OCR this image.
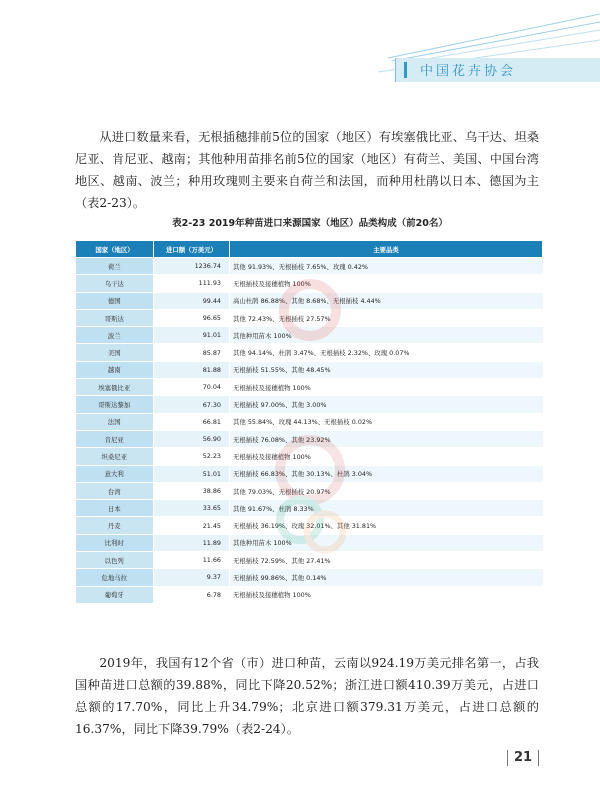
中国花卉协会

从进口数量来看，无根插穗排前5位的国家（地区）有埃塞俄比亚、乌干达、坦桑尼亚、肯尼亚、越南；其他种用苗排名前5位的国家（地区）有荷兰、美国、中国台湾地区、越南、波兰；种用玫瑰则主要来自荷兰和法国，而种用杜鹃以日本、德国为主（表2-23）。

表2-23 2019年种苗进口来源国家（地区）品类构成（前20名）
国家（地区）	进口额（万美元）	主要品类
荷兰	1236.74	其他 91.93%、无根插枝 7.65%、玫瑰 0.42%
乌干达	111.93	无根插枝及接穗植物 100%
德国	99.44	高山杜鹃 86.88%、其他 8.68%、无根插枝 4.44%
哥斯达	96.65	其他 72.43%、无根插枝 27.57%
波兰	91.01	其他种用苗木 100%
美国	85.87	其他 94.14%、杜鹃 3.47%、无根插枝 2.32%、玫瑰 0.07%
越南	81.88	无根插枝 51.55%、其他 48.45%
埃塞俄比亚	70.04	无根插枝及接穗植物 100%
哥斯达黎加	67.30	无根插枝 97.00%、其他 3.00%
法国	66.81	其他 55.84%、玫瑰 44.13%、无根插枝 0.02%
肯尼亚	56.90	无根插枝 76.08%、其他 23.92%
坦桑尼亚	52.23	无根插枝及接穗植物 100%
意大利	51.01	无根插枝 66.83%、其他 30.13%、杜鹃 3.04%
台湾	38.86	其他 79.03%、无根插枝 20.97%
日本	33.65	其他 91.67%、杜鹃 8.33%
丹麦	21.45	无根插枝 36.19%、玫瑰 32.01%、其他 31.81%
比利时	11.89	其他种用苗木 100%
以色列	11.66	无根插枝 72.59%、其他 27.41%
危地马拉	9.37	无根插枝 99.86%、其他 0.14%
葡萄牙	6.78	无根插枝及接穗植物 100%

2019年，我国有12个省（市）进口种苗，云南以924.19万美元排名第一，占我国种苗进口总额的39.88%，同比下降20.52%；浙江进口额410.39万美元，占进口总额的17.70%，同比上升34.79%；北京进口额379.31万美元，占进口总额的16.37%，同比下降39.79%（表2-24）。

21
